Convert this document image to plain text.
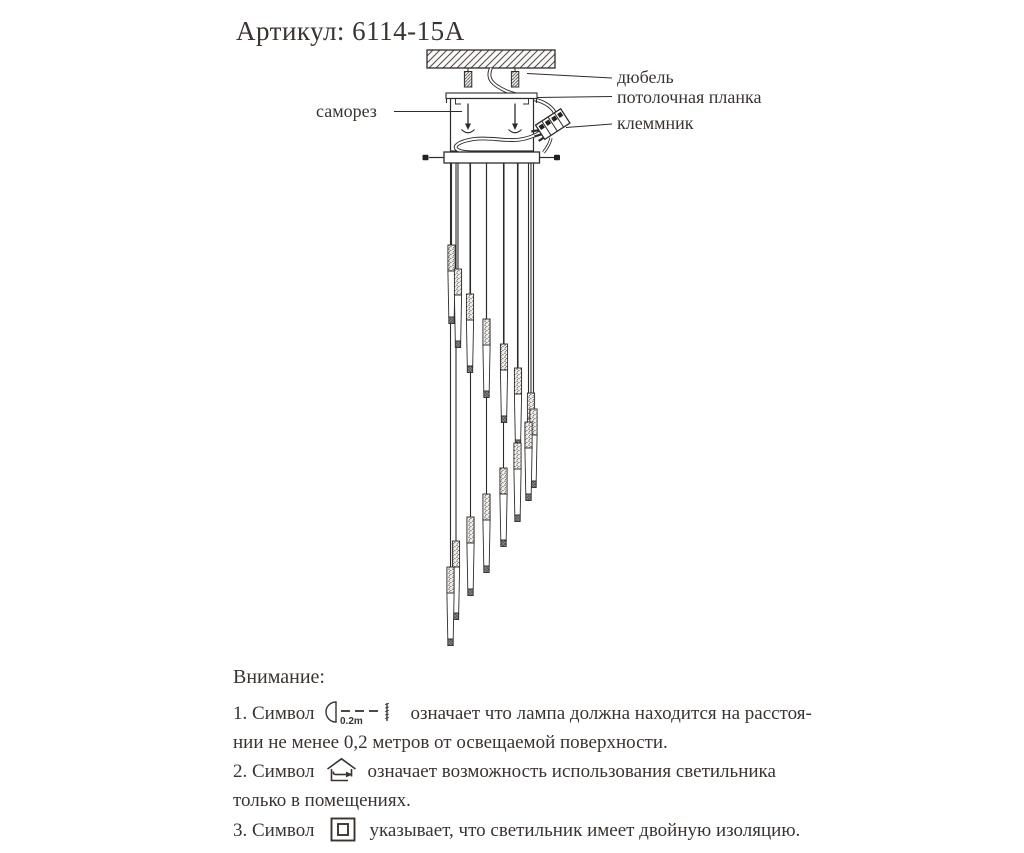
Артикул: 6114-15А
саморез
дюбель
потолочная планка
клеммник
Внимание:
1. Символ	0.2m означает что лампа должна находится на расстоя-
нии не менее 0,2 метров от освещаемой поверхности.
2. Символ	означает возможность использования светильника
только в помещениях.
3. Символ	указывает, что светильник имеет двойную изоляцию.
